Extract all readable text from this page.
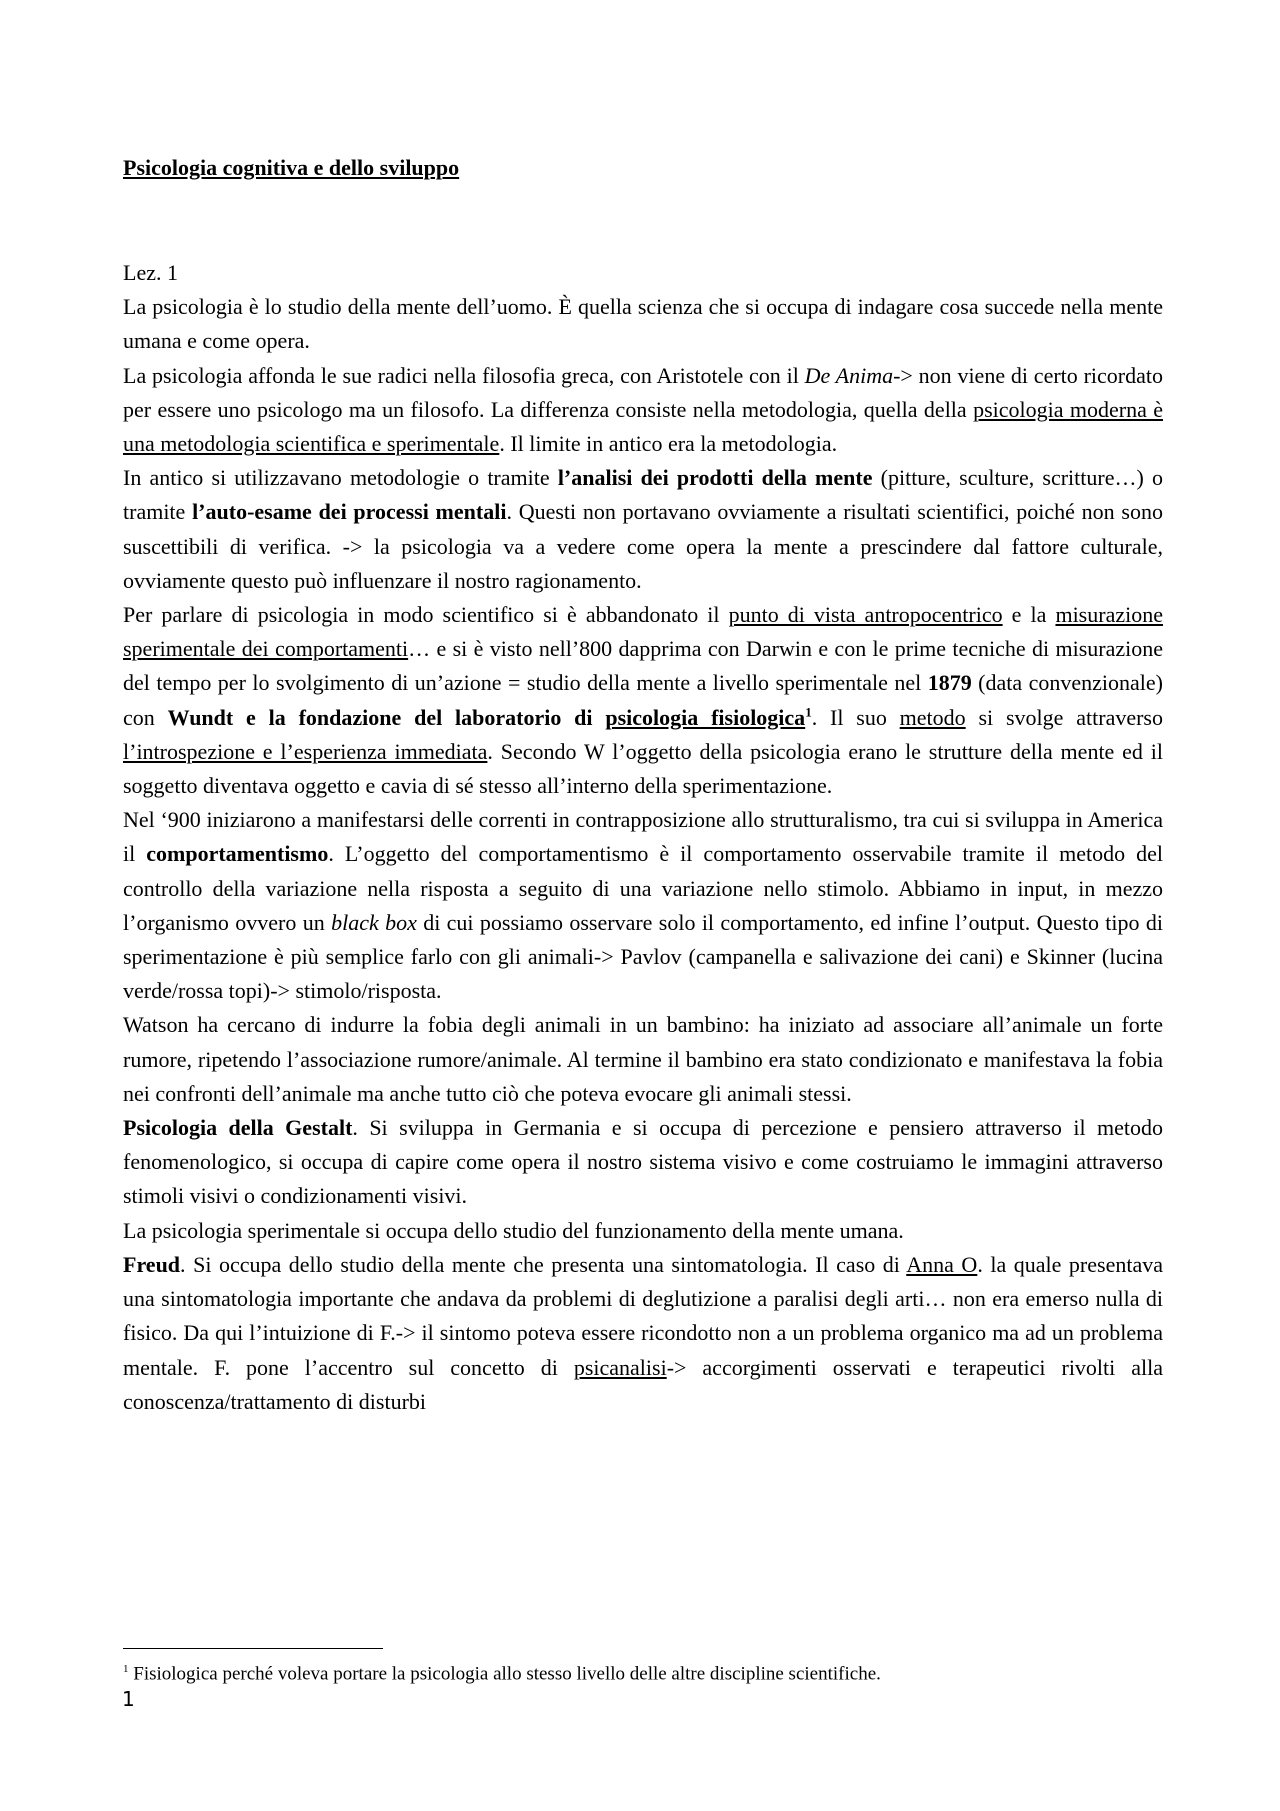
Psicologia cognitiva e dello sviluppo

Lez. 1

La psicologia è lo studio della mente dell’uomo. È quella scienza che si occupa di indagare cosa succede nella mente umana e come opera.

La psicologia affonda le sue radici nella filosofia greca, con Aristotele con il De Anima-> non viene di certo ricordato per essere uno psicologo ma un filosofo. La differenza consiste nella metodologia, quella della psicologia moderna è una metodologia scientifica e sperimentale. Il limite in antico era la metodologia.

In antico si utilizzavano metodologie o tramite l’analisi dei prodotti della mente (pitture, sculture, scritture…) o tramite l’auto-esame dei processi mentali. Questi non portavano ovviamente a risultati scientifici, poiché non sono suscettibili di verifica. -> la psicologia va a vedere come opera la mente a prescindere dal fattore culturale, ovviamente questo può influenzare il nostro ragionamento.

Per parlare di psicologia in modo scientifico si è abbandonato il punto di vista antropocentrico e la misurazione sperimentale dei comportamenti… e si è visto nell’800 dapprima con Darwin e con le prime tecniche di misurazione del tempo per lo svolgimento di un’azione = studio della mente a livello sperimentale nel 1879 (data convenzionale) con Wundt e la fondazione del laboratorio di psicologia fisiologica$^1$. Il suo metodo si svolge attraverso l’introspezione e l’esperienza immediata. Secondo W l’oggetto della psicologia erano le strutture della mente ed il soggetto diventava oggetto e cavia di sé stesso all’interno della sperimentazione.

Nel ‘900 iniziarono a manifestarsi delle correnti in contrapposizione allo strutturalismo, tra cui si sviluppa in America il comportamentismo. L’oggetto del comportamentismo è il comportamento osservabile tramite il metodo del controllo della variazione nella risposta a seguito di una variazione nello stimolo. Abbiamo in input, in mezzo l’organismo ovvero un black box di cui possiamo osservare solo il comportamento, ed infine l’output. Questo tipo di sperimentazione è più semplice farlo con gli animali-> Pavlov (campanella e salivazione dei cani) e Skinner (lucina verde/rossa topi)-> stimolo/risposta.

Watson ha cercano di indurre la fobia degli animali in un bambino: ha iniziato ad associare all’animale un forte rumore, ripetendo l’associazione rumore/animale. Al termine il bambino era stato condizionato e manifestava la fobia nei confronti dell’animale ma anche tutto ciò che poteva evocare gli animali stessi.

Psicologia della Gestalt. Si sviluppa in Germania e si occupa di percezione e pensiero attraverso il metodo fenomenologico, si occupa di capire come opera il nostro sistema visivo e come costruiamo le immagini attraverso stimoli visivi o condizionamenti visivi.

La psicologia sperimentale si occupa dello studio del funzionamento della mente umana.

Freud. Si occupa dello studio della mente che presenta una sintomatologia. Il caso di Anna O. la quale presentava una sintomatologia importante che andava da problemi di deglutizione a paralisi degli arti… non era emerso nulla di fisico. Da qui l’intuizione di F.-> il sintomo poteva essere ricondotto non a un problema organico ma ad un problema mentale. F. pone l’accentro sul concetto di psicanalisi-> accorgimenti osservati e terapeutici rivolti alla conoscenza/trattamento di disturbi

$^1$ Fisiologica perché voleva portare la psicologia allo stesso livello delle altre discipline scientifiche.
1
